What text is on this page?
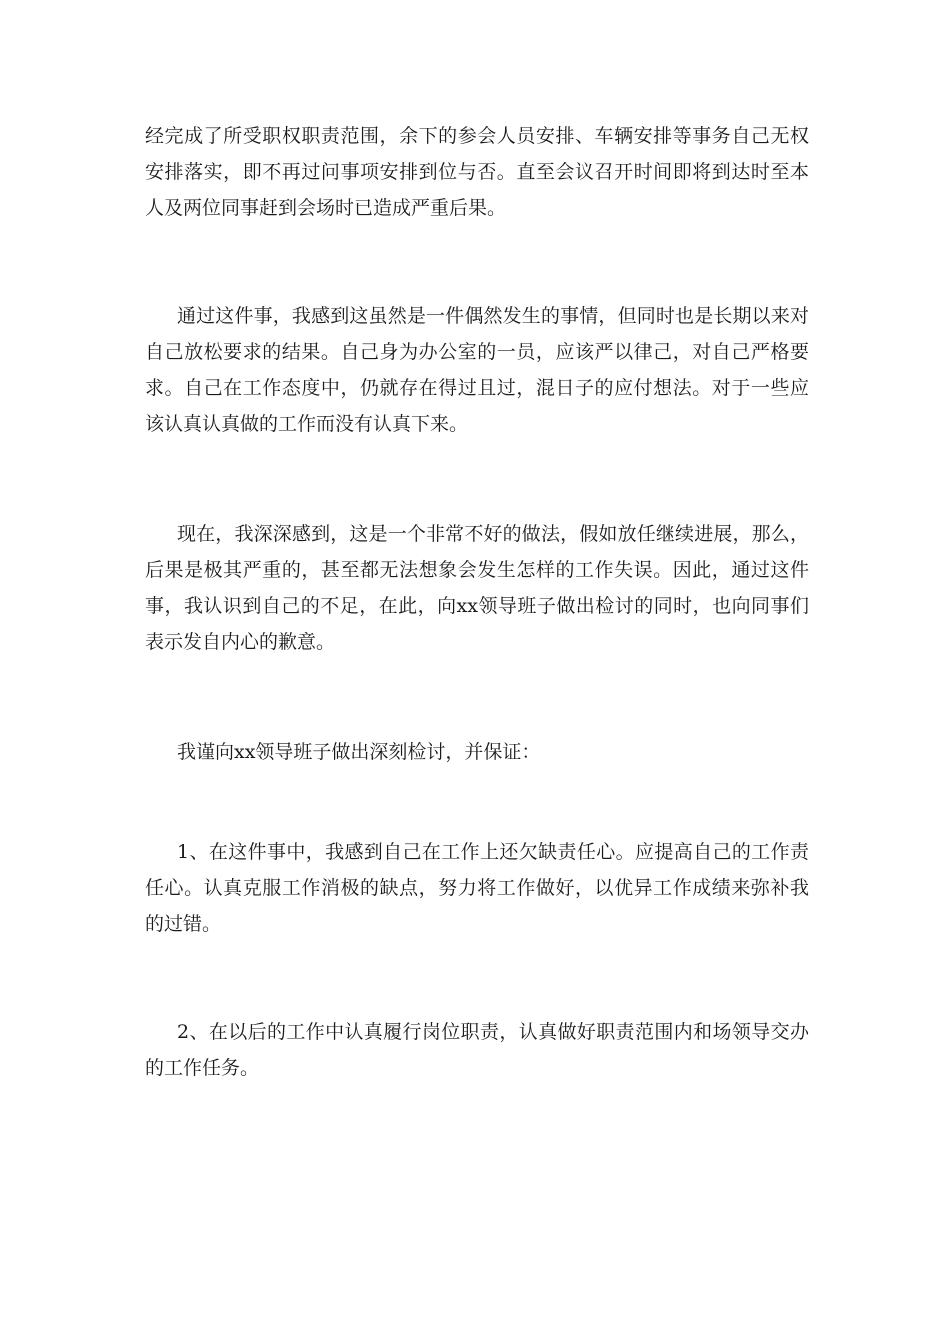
经完成了所受职权职责范围，余下的参会人员安排、车辆安排等事务自己无权安排落实，即不再过问事项安排到位与否。直至会议召开时间即将到达时至本人及两位同事赶到会场时已造成严重后果。

通过这件事，我感到这虽然是一件偶然发生的事情，但同时也是长期以来对自己放松要求的结果。自己身为办公室的一员，应该严以律己，对自己严格要求。自己在工作态度中，仍就存在得过且过，混日子的应付想法。对于一些应该认真认真做的工作而没有认真下来。

现在，我深深感到，这是一个非常不好的做法，假如放任继续进展，那么，后果是极其严重的，甚至都无法想象会发生怎样的工作失误。因此，通过这件事，我认识到自己的不足，在此，向xx领导班子做出检讨的同时，也向同事们表示发自内心的歉意。

我谨向xx领导班子做出深刻检讨，并保证：

1、在这件事中，我感到自己在工作上还欠缺责任心。应提高自己的工作责任心。认真克服工作消极的缺点，努力将工作做好，以优异工作成绩来弥补我的过错。

2、在以后的工作中认真履行岗位职责，认真做好职责范围内和场领导交办的工作任务。
